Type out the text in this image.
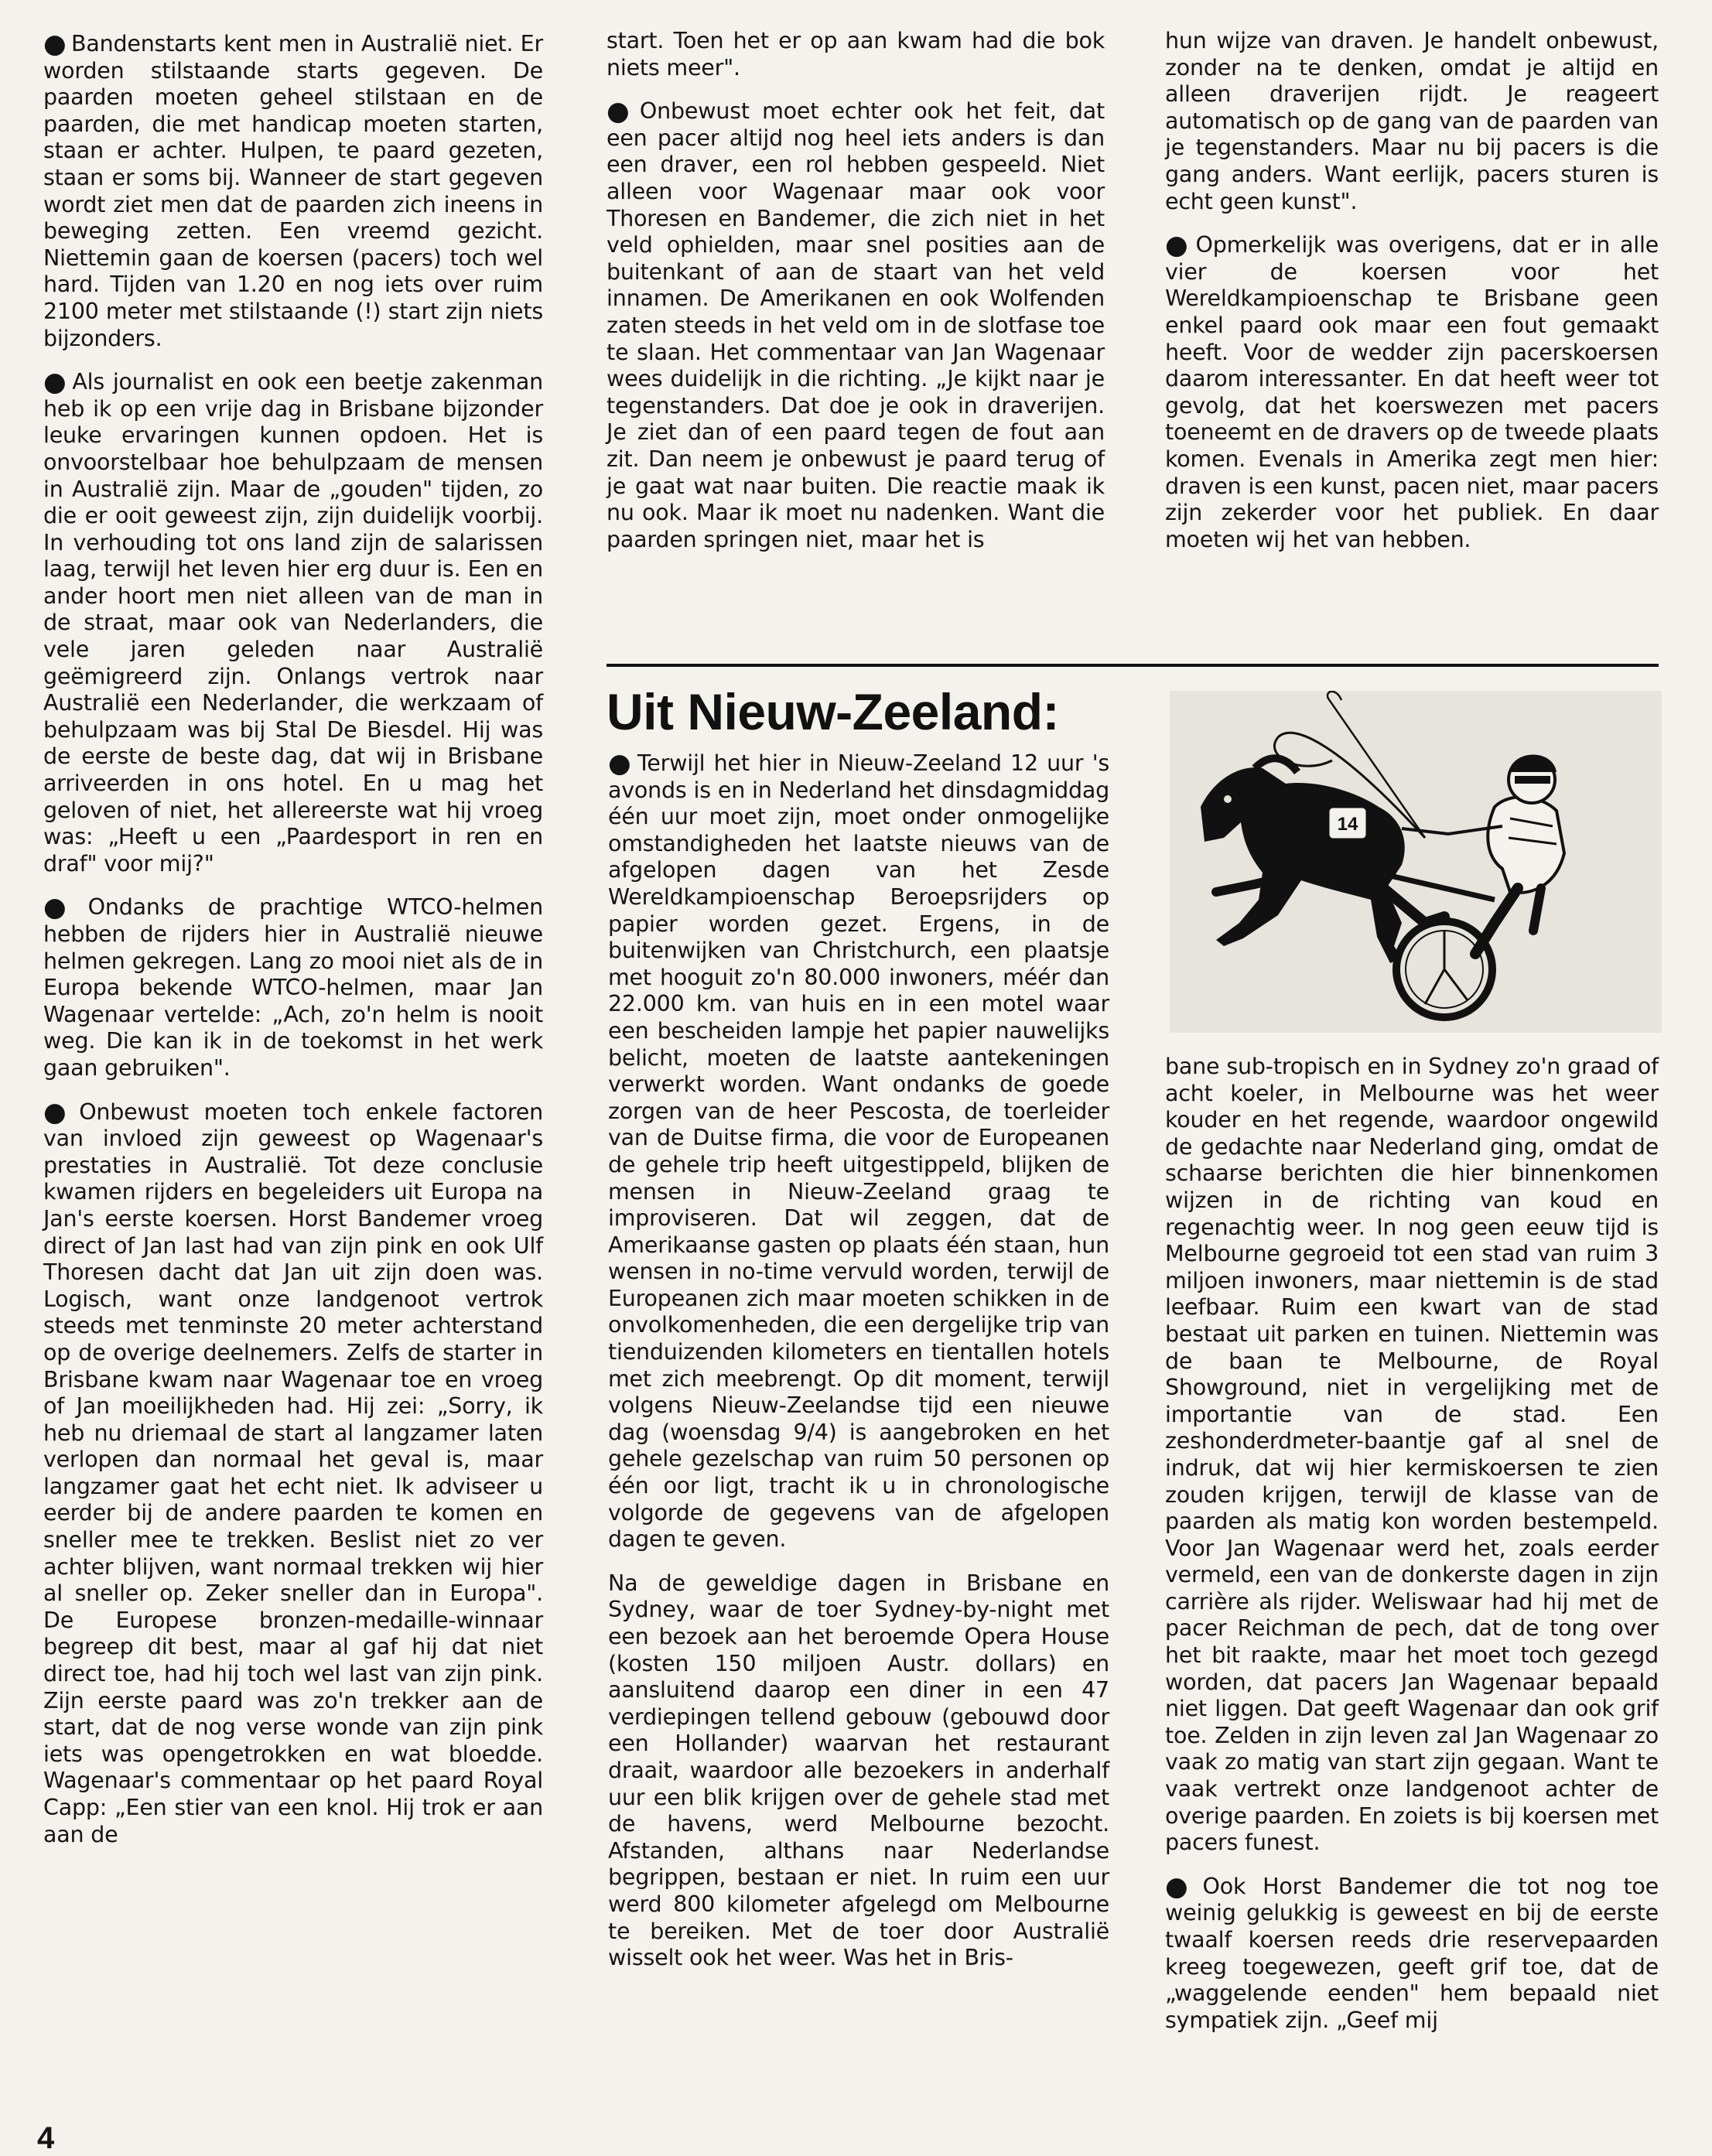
● Bandenstarts kent men in Australië niet. Er worden stilstaande starts gegeven. De paarden moeten geheel stilstaan en de paarden, die met handicap moeten starten, staan er achter. Hulpen, te paard gezeten, staan er soms bij. Wanneer de start gegeven wordt ziet men dat de paarden zich ineens in beweging zetten. Een vreemd gezicht. Niettemin gaan de koersen (pacers) toch wel hard. Tijden van 1.20 en nog iets over ruim 2100 meter met stilstaande (!) start zijn niets bijzonders.

● Als journalist en ook een beetje zakenman heb ik op een vrije dag in Brisbane bijzonder leuke ervaringen kunnen opdoen. Het is onvoorstelbaar hoe behulpzaam de mensen in Australië zijn. Maar de „gouden" tijden, zo die er ooit geweest zijn, zijn duidelijk voorbij. In verhouding tot ons land zijn de salarissen laag, terwijl het leven hier erg duur is. Een en ander hoort men niet alleen van de man in de straat, maar ook van Nederlanders, die vele jaren geleden naar Australië geëmigreerd zijn. Onlangs vertrok naar Australië een Nederlander, die werkzaam of behulpzaam was bij Stal De Biesdel. Hij was de eerste de beste dag, dat wij in Brisbane arriveerden in ons hotel. En u mag het geloven of niet, het allereerste wat hij vroeg was: „Heeft u een „Paardesport in ren en draf" voor mij?"

● Ondanks de prachtige WTCO-helmen hebben de rijders hier in Australië nieuwe helmen gekregen. Lang zo mooi niet als de in Europa bekende WTCO-helmen, maar Jan Wagenaar vertelde: „Ach, zo'n helm is nooit weg. Die kan ik in de toekomst in het werk gaan gebruiken".

● Onbewust moeten toch enkele factoren van invloed zijn geweest op Wagenaar's prestaties in Australië. Tot deze conclusie kwamen rijders en begeleiders uit Europa na Jan's eerste koersen. Horst Bandemer vroeg direct of Jan last had van zijn pink en ook Ulf Thoresen dacht dat Jan uit zijn doen was. Logisch, want onze landgenoot vertrok steeds met tenminste 20 meter achterstand op de overige deelnemers. Zelfs de starter in Brisbane kwam naar Wagenaar toe en vroeg of Jan moeilijkheden had. Hij zei: „Sorry, ik heb nu driemaal de start al langzamer laten verlopen dan normaal het geval is, maar langzamer gaat het echt niet. Ik adviseer u eerder bij de andere paarden te komen en sneller mee te trekken. Beslist niet zo ver achter blijven, want normaal trekken wij hier al sneller op. Zeker sneller dan in Europa". De Europese bronzen-medaille-winnaar begreep dit best, maar al gaf hij dat niet direct toe, had hij toch wel last van zijn pink. Zijn eerste paard was zo'n trekker aan de start, dat de nog verse wonde van zijn pink iets was opengetrokken en wat bloedde. Wagenaar's commentaar op het paard Royal Capp: „Een stier van een knol. Hij trok er aan aan de

start. Toen het er op aan kwam had die bok niets meer".

● Onbewust moet echter ook het feit, dat een pacer altijd nog heel iets anders is dan een draver, een rol hebben gespeeld. Niet alleen voor Wagenaar maar ook voor Thoresen en Bandemer, die zich niet in het veld ophielden, maar snel posities aan de buitenkant of aan de staart van het veld innamen. De Amerikanen en ook Wolfenden zaten steeds in het veld om in de slotfase toe te slaan. Het commentaar van Jan Wagenaar wees duidelijk in die richting. „Je kijkt naar je tegenstanders. Dat doe je ook in draverijen. Je ziet dan of een paard tegen de fout aan zit. Dan neem je onbewust je paard terug of je gaat wat naar buiten. Die reactie maak ik nu ook. Maar ik moet nu nadenken. Want die paarden springen niet, maar het is

hun wijze van draven. Je handelt onbewust, zonder na te denken, omdat je altijd en alleen draverijen rijdt. Je reageert automatisch op de gang van de paarden van je tegenstanders. Maar nu bij pacers is die gang anders. Want eerlijk, pacers sturen is echt geen kunst".

● Opmerkelijk was overigens, dat er in alle vier de koersen voor het Wereldkampioenschap te Brisbane geen enkel paard ook maar een fout gemaakt heeft. Voor de wedder zijn pacerskoersen daarom interessanter. En dat heeft weer tot gevolg, dat het koerswezen met pacers toeneemt en de dravers op de tweede plaats komen. Evenals in Amerika zegt men hier: draven is een kunst, pacen niet, maar pacers zijn zekerder voor het publiek. En daar moeten wij het van hebben.

Uit Nieuw-Zeeland:
14

● Terwijl het hier in Nieuw-Zeeland 12 uur 's avonds is en in Nederland het dinsdagmiddag één uur moet zijn, moet onder onmogelijke omstandigheden het laatste nieuws van de afgelopen dagen van het Zesde Wereldkampioenschap Beroepsrijders op papier worden gezet. Ergens, in de buitenwijken van Christchurch, een plaatsje met hooguit zo'n 80.000 inwoners, méér dan 22.000 km. van huis en in een motel waar een bescheiden lampje het papier nauwelijks belicht, moeten de laatste aantekeningen verwerkt worden. Want ondanks de goede zorgen van de heer Pescosta, de toerleider van de Duitse firma, die voor de Europeanen de gehele trip heeft uitgestippeld, blijken de mensen in Nieuw-Zeeland graag te improviseren. Dat wil zeggen, dat de Amerikaanse gasten op plaats één staan, hun wensen in no-time vervuld worden, terwijl de Europeanen zich maar moeten schikken in de onvolkomenheden, die een dergelijke trip van tienduizenden kilometers en tientallen hotels met zich meebrengt. Op dit moment, terwijl volgens Nieuw-Zeelandse tijd een nieuwe dag (woensdag 9/4) is aangebroken en het gehele gezelschap van ruim 50 personen op één oor ligt, tracht ik u in chronologische volgorde de gegevens van de afgelopen dagen te geven.

Na de geweldige dagen in Brisbane en Sydney, waar de toer Sydney-by-night met een bezoek aan het beroemde Opera House (kosten 150 miljoen Austr. dollars) en aansluitend daarop een diner in een 47 verdiepingen tellend gebouw (gebouwd door een Hollander) waarvan het restaurant draait, waardoor alle bezoekers in anderhalf uur een blik krijgen over de gehele stad met de havens, werd Melbourne bezocht. Afstanden, althans naar Nederlandse begrippen, bestaan er niet. In ruim een uur werd 800 kilometer afgelegd om Melbourne te bereiken. Met de toer door Australië wisselt ook het weer. Was het in Bris-

bane sub-tropisch en in Sydney zo'n graad of acht koeler, in Melbourne was het weer kouder en het regende, waardoor ongewild de gedachte naar Nederland ging, omdat de schaarse berichten die hier binnenkomen wijzen in de richting van koud en regenachtig weer. In nog geen eeuw tijd is Melbourne gegroeid tot een stad van ruim 3 miljoen inwoners, maar niettemin is de stad leefbaar. Ruim een kwart van de stad bestaat uit parken en tuinen. Niettemin was de baan te Melbourne, de Royal Showground, niet in vergelijking met de importantie van de stad. Een zeshonderdmeter-baantje gaf al snel de indruk, dat wij hier kermiskoersen te zien zouden krijgen, terwijl de klasse van de paarden als matig kon worden bestempeld. Voor Jan Wagenaar werd het, zoals eerder vermeld, een van de donkerste dagen in zijn carrière als rijder. Weliswaar had hij met de pacer Reichman de pech, dat de tong over het bit raakte, maar het moet toch gezegd worden, dat pacers Jan Wagenaar bepaald niet liggen. Dat geeft Wagenaar dan ook grif toe. Zelden in zijn leven zal Jan Wagenaar zo vaak zo matig van start zijn gegaan. Want te vaak vertrekt onze landgenoot achter de overige paarden. En zoiets is bij koersen met pacers funest.

● Ook Horst Bandemer die tot nog toe weinig gelukkig is geweest en bij de eerste twaalf koersen reeds drie reservepaarden kreeg toegewezen, geeft grif toe, dat de „waggelende eenden" hem bepaald niet sympatiek zijn. „Geef mij

4
